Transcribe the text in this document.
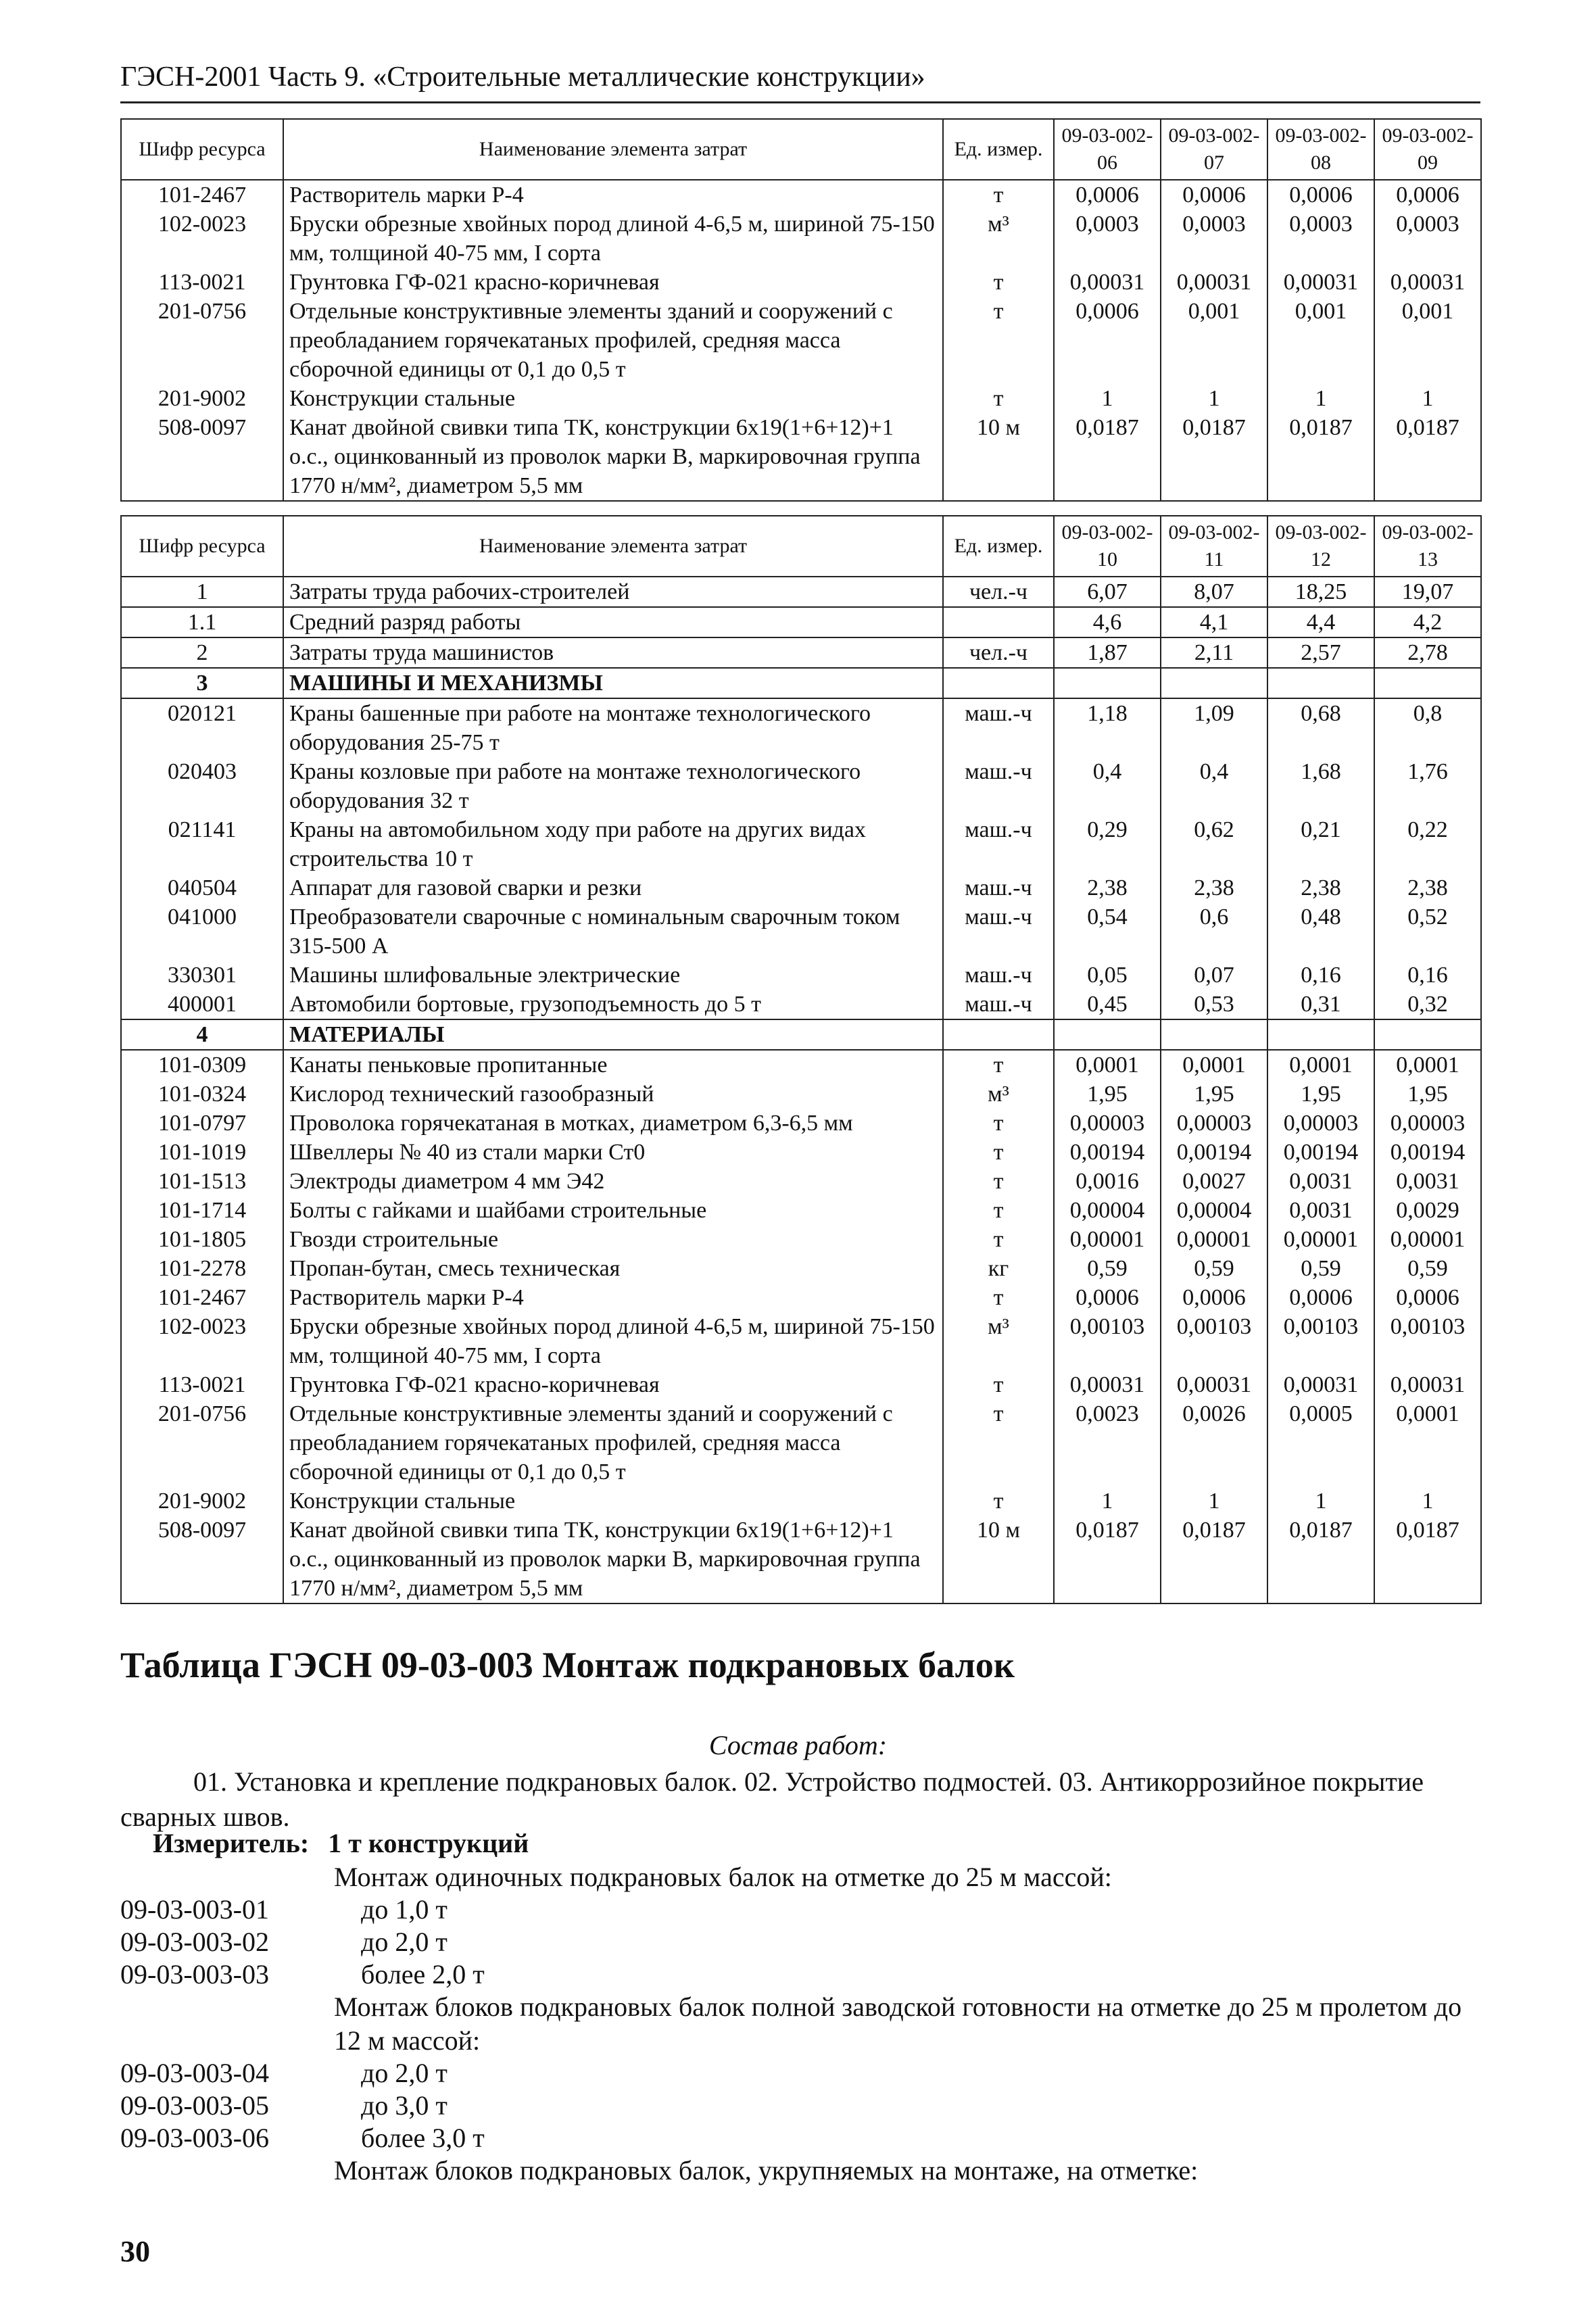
ГЭСН-2001 Часть 9. «Строительные металлические конструкции»
Шифр ресурса	Наименование элемента затрат	Ед. измер.	09-03-002-06	09-03-002-07	09-03-002-08	09-03-002-09
101-2467	Растворитель марки Р-4	т	0,0006	0,0006	0,0006	0,0006
102-0023	Бруски обрезные хвойных пород длиной 4-6,5 м, шириной 75-150 мм, толщиной 40-75 мм, I сорта	м³	0,0003	0,0003	0,0003	0,0003
113-0021	Грунтовка ГФ-021 красно-коричневая	т	0,00031	0,00031	0,00031	0,00031
201-0756	Отдельные конструктивные элементы зданий и сооружений с преобладанием горячекатаных профилей, средняя масса сборочной единицы от 0,1 до 0,5 т	т	0,0006	0,001	0,001	0,001
201-9002	Конструкции стальные	т	1	1	1	1
508-0097	Канат двойной свивки типа ТК, конструкции 6х19(1+6+12)+1 о.с., оцинкованный из проволок марки В, маркировочная группа 1770 н/мм², диаметром 5,5 мм	10 м	0,0187	0,0187	0,0187	0,0187
Шифр ресурса	Наименование элемента затрат	Ед. измер.	09-03-002-10	09-03-002-11	09-03-002-12	09-03-002-13
1	Затраты труда рабочих-строителей	чел.-ч	6,07	8,07	18,25	19,07
1.1	Средний разряд работы		4,6	4,1	4,4	4,2
2	Затраты труда машинистов	чел.-ч	1,87	2,11	2,57	2,78
3	МАШИНЫ И МЕХАНИЗМЫ					
020121	Краны башенные при работе на монтаже технологического оборудования 25-75 т	маш.-ч	1,18	1,09	0,68	0,8
020403	Краны козловые при работе на монтаже технологического оборудования 32 т	маш.-ч	0,4	0,4	1,68	1,76
021141	Краны на автомобильном ходу при работе на других видах строительства 10 т	маш.-ч	0,29	0,62	0,21	0,22
040504	Аппарат для газовой сварки и резки	маш.-ч	2,38	2,38	2,38	2,38
041000	Преобразователи сварочные с номинальным сварочным током 315-500 А	маш.-ч	0,54	0,6	0,48	0,52
330301	Машины шлифовальные электрические	маш.-ч	0,05	0,07	0,16	0,16
400001	Автомобили бортовые, грузоподъемность до 5 т	маш.-ч	0,45	0,53	0,31	0,32
4	МАТЕРИАЛЫ					
101-0309	Канаты пеньковые пропитанные	т	0,0001	0,0001	0,0001	0,0001
101-0324	Кислород технический газообразный	м³	1,95	1,95	1,95	1,95
101-0797	Проволока горячекатаная в мотках, диаметром 6,3-6,5 мм	т	0,00003	0,00003	0,00003	0,00003
101-1019	Швеллеры № 40 из стали марки Ст0	т	0,00194	0,00194	0,00194	0,00194
101-1513	Электроды диаметром 4 мм Э42	т	0,0016	0,0027	0,0031	0,0031
101-1714	Болты с гайками и шайбами строительные	т	0,00004	0,00004	0,0031	0,0029
101-1805	Гвозди строительные	т	0,00001	0,00001	0,00001	0,00001
101-2278	Пропан-бутан, смесь техническая	кг	0,59	0,59	0,59	0,59
101-2467	Растворитель марки Р-4	т	0,0006	0,0006	0,0006	0,0006
102-0023	Бруски обрезные хвойных пород длиной 4-6,5 м, шириной 75-150 мм, толщиной 40-75 мм, I сорта	м³	0,00103	0,00103	0,00103	0,00103
113-0021	Грунтовка ГФ-021 красно-коричневая	т	0,00031	0,00031	0,00031	0,00031
201-0756	Отдельные конструктивные элементы зданий и сооружений с преобладанием горячекатаных профилей, средняя масса сборочной единицы от 0,1 до 0,5 т	т	0,0023	0,0026	0,0005	0,0001
201-9002	Конструкции стальные	т	1	1	1	1
508-0097	Канат двойной свивки типа ТК, конструкции 6х19(1+6+12)+1 о.с., оцинкованный из проволок марки В, маркировочная группа 1770 н/мм², диаметром 5,5 мм	10 м	0,0187	0,0187	0,0187	0,0187
Таблица ГЭСН 09-03-003 Монтаж подкрановых балок
Состав работ:
01. Установка и крепление подкрановых балок. 02. Устройство подмостей. 03. Антикоррозийное покрытие сварных швов.
Измеритель: 1 т конструкций
Монтаж одиночных подкрановых балок на отметке до 25 м массой:
09-03-003-01	до 1,0 т
09-03-003-02	до 2,0 т
09-03-003-03	более 2,0 т
Монтаж блоков подкрановых балок полной заводской готовности на отметке до 25 м пролетом до 12 м массой:
09-03-003-04	до 2,0 т
09-03-003-05	до 3,0 т
09-03-003-06	более 3,0 т
Монтаж блоков подкрановых балок, укрупняемых на монтаже, на отметке:
30
